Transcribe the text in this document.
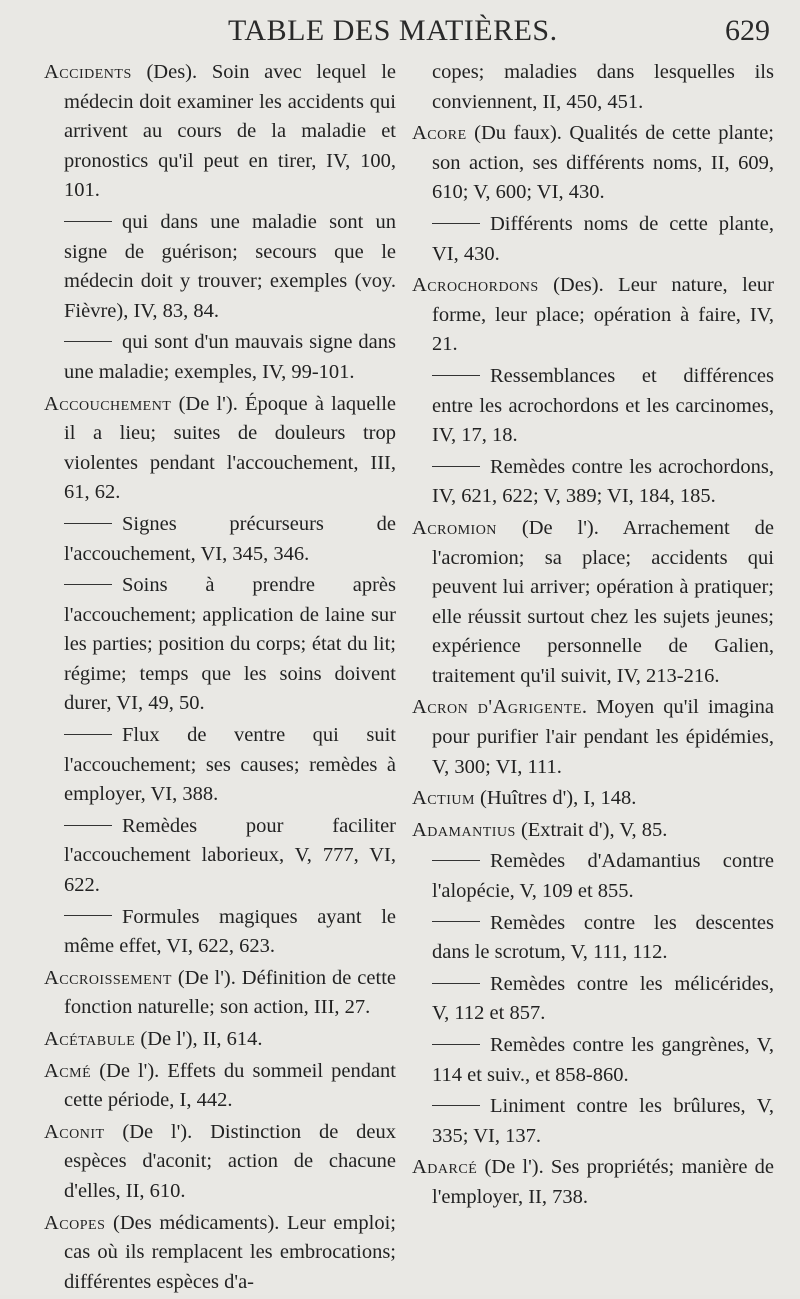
TABLE DES MATIÈRES.	629

Accidents (Des). Soin avec lequel le médecin doit examiner les accidents qui arrivent au cours de la maladie et pronostics qu'il peut en tirer, IV, 100, 101.

qui dans une maladie sont un signe de guérison; secours que le médecin doit y trouver; exemples (voy. Fièvre), IV, 83, 84.

qui sont d'un mauvais signe dans une maladie; exemples, IV, 99-101.

Accouchement (De l'). Époque à laquelle il a lieu; suites de douleurs trop violentes pendant l'accouchement, III, 61, 62.

Signes précurseurs de l'accouchement, VI, 345, 346.

Soins à prendre après l'accouchement; application de laine sur les parties; position du corps; état du lit; régime; temps que les soins doivent durer, VI, 49, 50.

Flux de ventre qui suit l'accouchement; ses causes; remèdes à employer, VI, 388.

Remèdes pour faciliter l'accouchement laborieux, V, 777, VI, 622.

Formules magiques ayant le même effet, VI, 622, 623.

Accroissement (De l'). Définition de cette fonction naturelle; son action, III, 27.

Acétabule (De l'), II, 614.

Acmé (De l'). Effets du sommeil pendant cette période, I, 442.

Aconit (De l'). Distinction de deux espèces d'aconit; action de chacune d'elles, II, 610.

Acopes (Des médicaments). Leur emploi; cas où ils remplacent les embrocations; différentes espèces d'a-

copes; maladies dans lesquelles ils conviennent, II, 450, 451.

Acore (Du faux). Qualités de cette plante; son action, ses différents noms, II, 609, 610; V, 600; VI, 430.

Différents noms de cette plante, VI, 430.

Acrochordons (Des). Leur nature, leur forme, leur place; opération à faire, IV, 21.

Ressemblances et différences entre les acrochordons et les carcinomes, IV, 17, 18.

Remèdes contre les acrochordons, IV, 621, 622; V, 389; VI, 184, 185.

Acromion (De l'). Arrachement de l'acromion; sa place; accidents qui peuvent lui arriver; opération à pratiquer; elle réussit surtout chez les sujets jeunes; expérience personnelle de Galien, traitement qu'il suivit, IV, 213-216.

Acron d'Agrigente. Moyen qu'il imagina pour purifier l'air pendant les épidémies, V, 300; VI, 111.

Actium (Huîtres d'), I, 148.

Adamantius (Extrait d'), V, 85.

Remèdes d'Adamantius contre l'alopécie, V, 109 et 855.

Remèdes contre les descentes dans le scrotum, V, 111, 112.

Remèdes contre les mélicérides, V, 112 et 857.

Remèdes contre les gangrènes, V, 114 et suiv., et 858-860.

Liniment contre les brûlures, V, 335; VI, 137.

Adarcé (De l'). Ses propriétés; manière de l'employer, II, 738.
